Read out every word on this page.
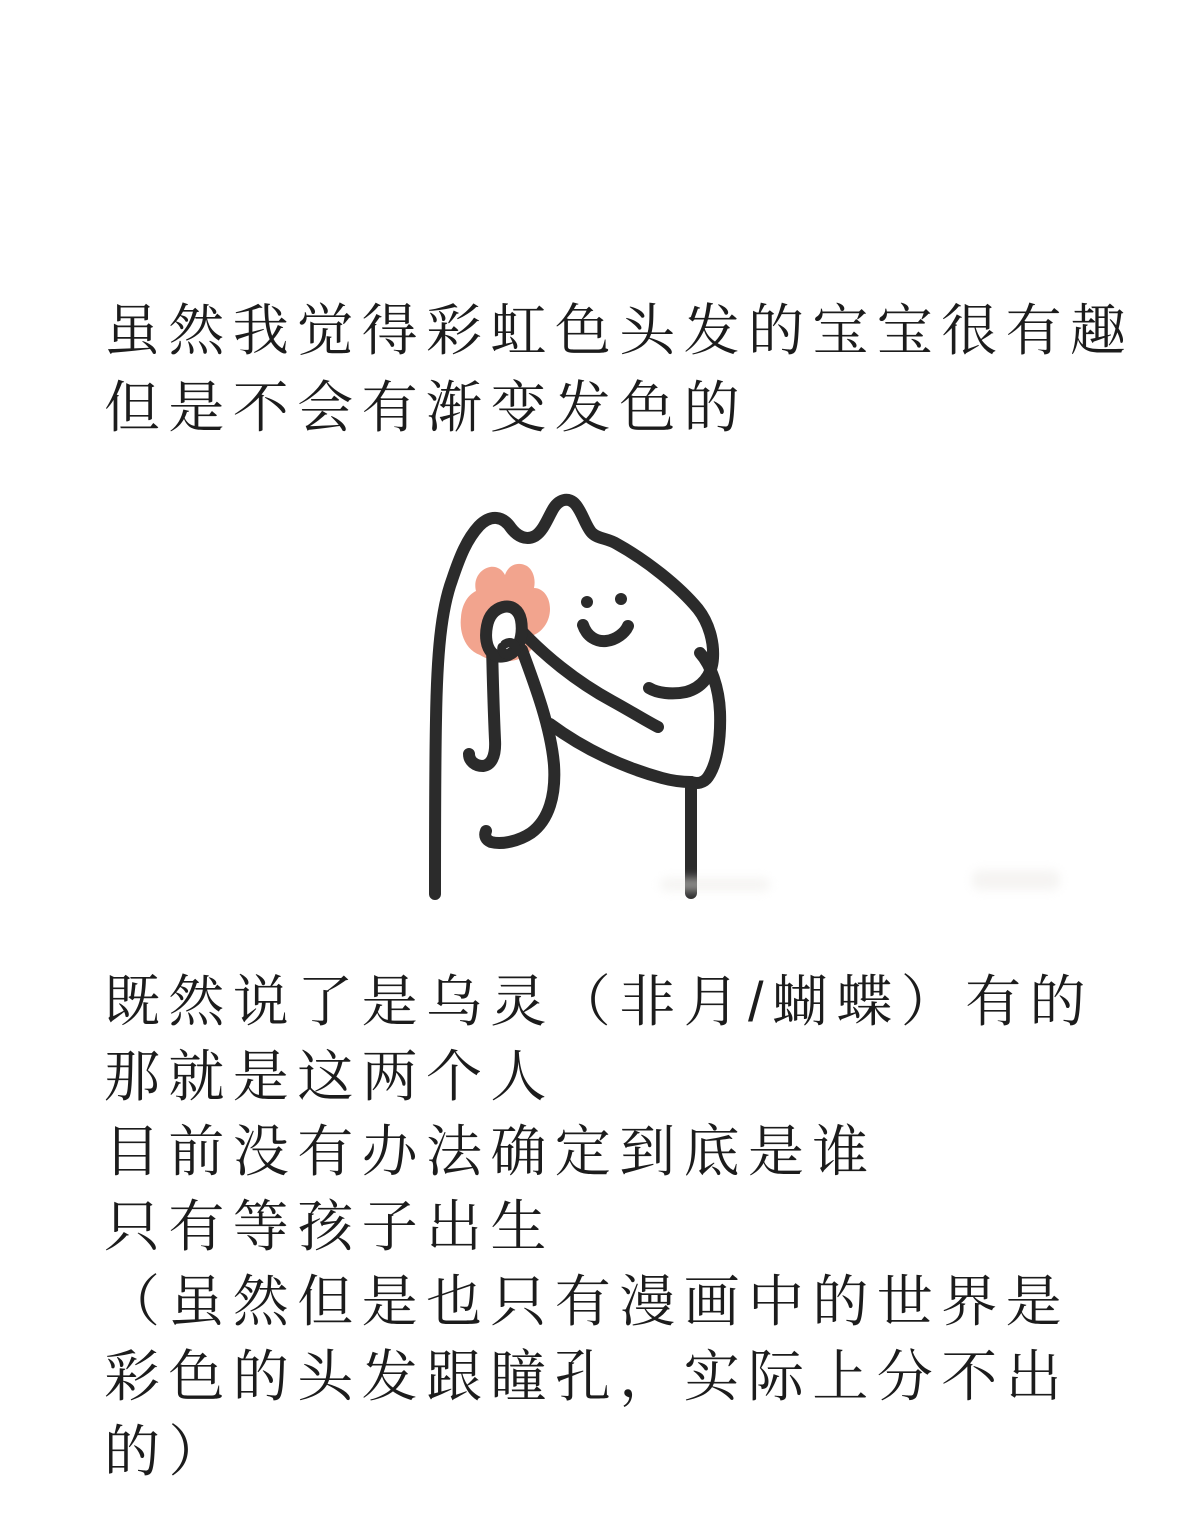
虽然我觉得彩虹色头发的宝宝很有趣

但是不会有渐变发色的

既然说了是乌灵（非月/蝴蝶）有的

那就是这两个人

目前没有办法确定到底是谁

只有等孩子出生

（虽然但是也只有漫画中的世界是

彩色的头发跟瞳孔，实际上分不出

的）
